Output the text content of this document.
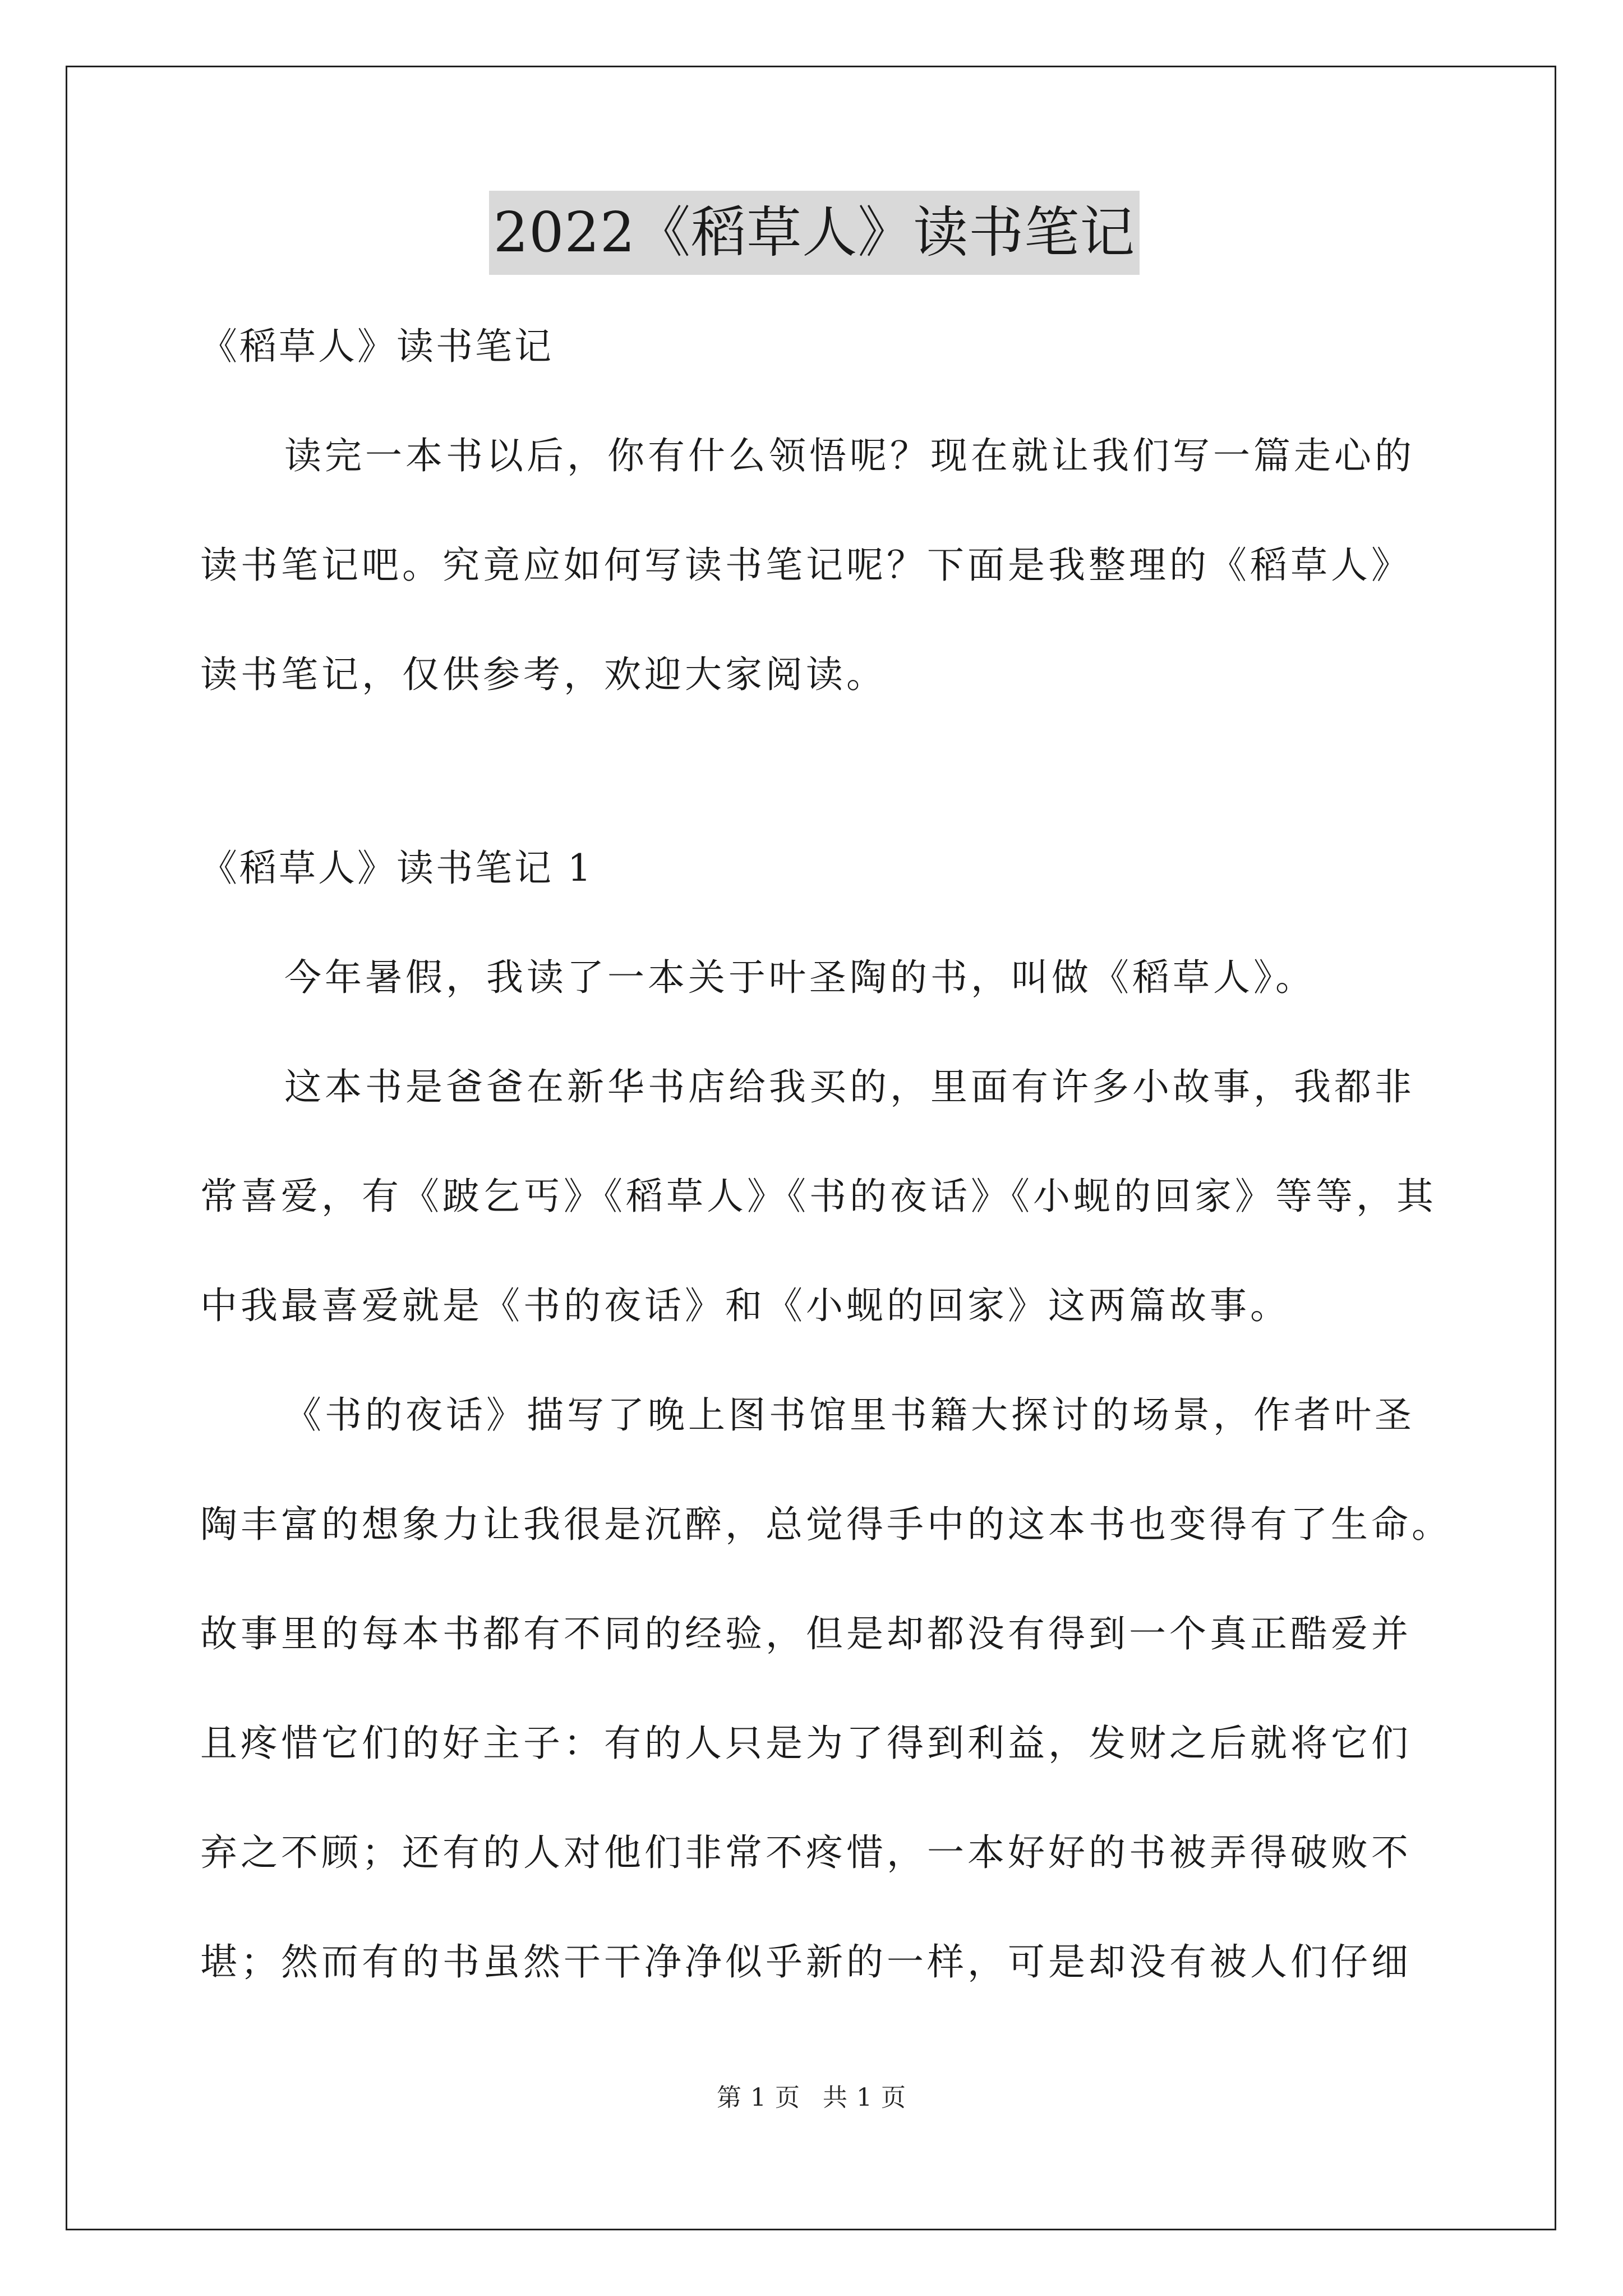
2022《稻草人》读书笔记

《稻草人》读书笔记

读完一本书以后，你有什么领悟呢？现在就让我们写一篇走心的

读书笔记吧。究竟应如何写读书笔记呢？下面是我整理的《稻草人》

读书笔记，仅供参考，欢迎大家阅读。

《稻草人》读书笔记 1

今年暑假，我读了一本关于叶圣陶的书，叫做《稻草人》。

这本书是爸爸在新华书店给我买的，里面有许多小故事，我都非

常喜爱，有《跛乞丐》《稻草人》《书的夜话》《小蚬的回家》等等，其

中我最喜爱就是《书的夜话》和《小蚬的回家》这两篇故事。

《书的夜话》描写了晚上图书馆里书籍大探讨的场景，作者叶圣

陶丰富的想象力让我很是沉醉，总觉得手中的这本书也变得有了生命。

故事里的每本书都有不同的经验，但是却都没有得到一个真正酷爱并

且疼惜它们的好主子：有的人只是为了得到利益，发财之后就将它们

弃之不顾；还有的人对他们非常不疼惜，一本好好的书被弄得破败不

堪；然而有的书虽然干干净净似乎新的一样，可是却没有被人们仔细

第 1 页 共 1 页
